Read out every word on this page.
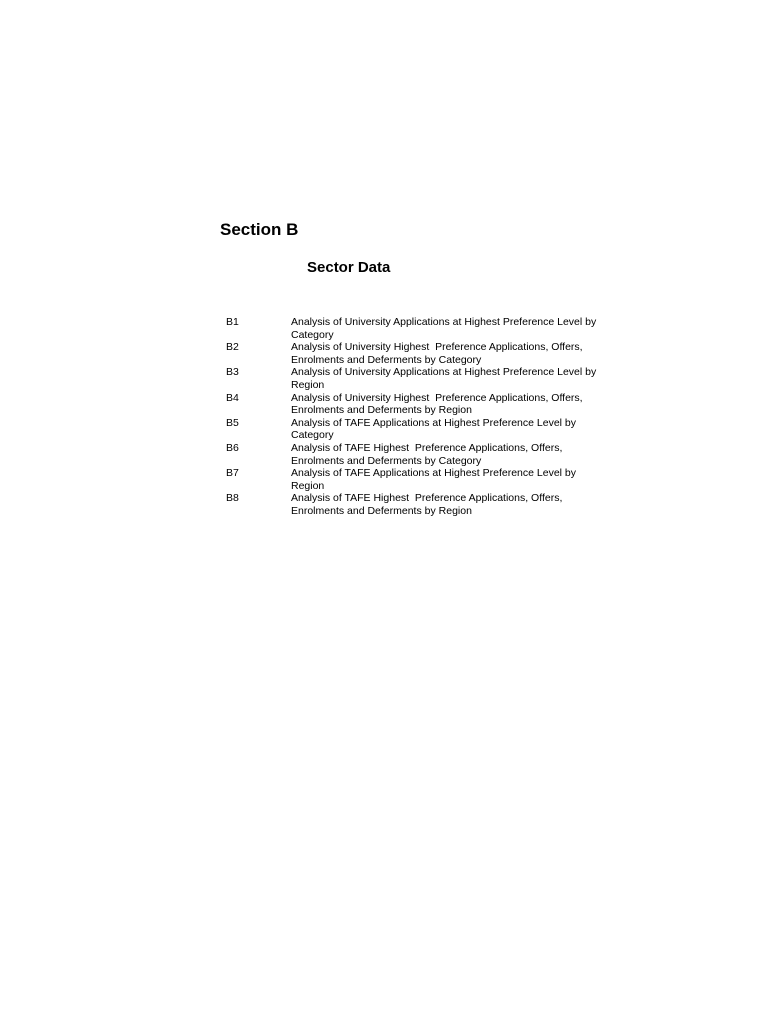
Section B
Sector Data
B1	Analysis of University Applications at Highest Preference Level by
Category
B2	Analysis of University Highest  Preference Applications, Offers,
Enrolments and Deferments by Category
B3	Analysis of University Applications at Highest Preference Level by
Region
B4	Analysis of University Highest  Preference Applications, Offers,
Enrolments and Deferments by Region
B5	Analysis of TAFE Applications at Highest Preference Level by
Category
B6	Analysis of TAFE Highest  Preference Applications, Offers,
Enrolments and Deferments by Category
B7	Analysis of TAFE Applications at Highest Preference Level by
Region
B8	Analysis of TAFE Highest  Preference Applications, Offers,
Enrolments and Deferments by Region
